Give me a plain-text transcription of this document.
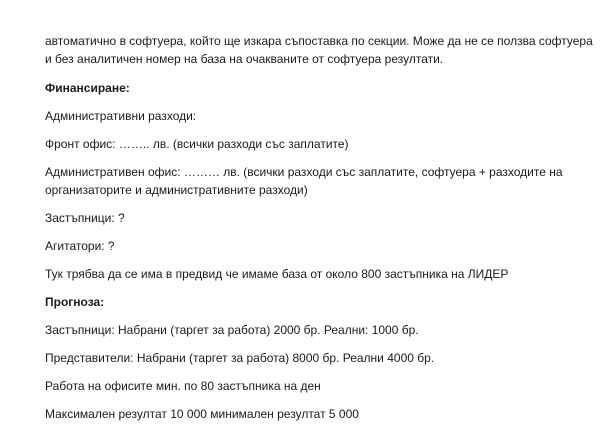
автоматично в софтуера, който ще изкара съпоставка по секции. Може да не се ползва софтуера
и без аналитичен номер на база на очакваните от софтуера резултати.
Финансиране:
Административни разходи:
Фронт офис: …….. лв. (всички разходи със заплатите)
Административен офис: ……… лв. (всички разходи със заплатите, софтуера + разходите на
организаторите и административните разходи)
Застъпници: ?
Агитатори: ?
Тук трябва да се има в предвид че имаме база от около 800 застъпника на ЛИДЕР
Прогноза:
Застъпници: Набрани (таргет за работа) 2000 бр. Реални: 1000 бр.
Представители: Набрани (таргет за работа) 8000 бр. Реални 4000 бр.
Работа на офисите мин. по 80 застъпника на ден
Максимален резултат 10 000 минимален резултат 5 000
